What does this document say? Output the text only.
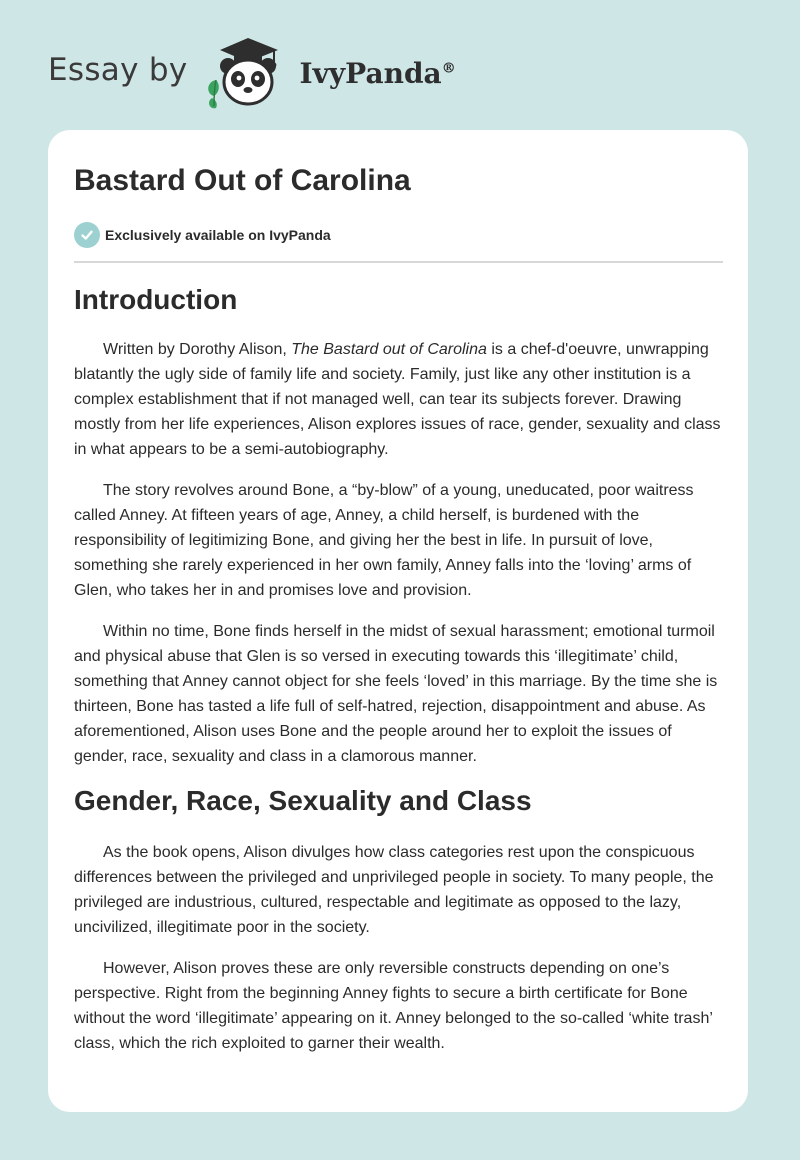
Essay by	IvyPanda®
Bastard Out of Carolina
Exclusively available on IvyPanda
Introduction

Written by Dorothy Alison, The Bastard out of Carolina is a chef-d'oeuvre, unwrapping blatantly the ugly side of family life and society. Family, just like any other institution is a complex establishment that if not managed well, can tear its subjects forever. Drawing mostly from her life experiences, Alison explores issues of race, gender, sexuality and class in what appears to be a semi-autobiography.

The story revolves around Bone, a “by-blow” of a young, uneducated, poor waitress called Anney. At fifteen years of age, Anney, a child herself, is burdened with the responsibility of legitimizing Bone, and giving her the best in life. In pursuit of love, something she rarely experienced in her own family, Anney falls into the ‘loving’ arms of Glen, who takes her in and promises love and provision.

Within no time, Bone finds herself in the midst of sexual harassment; emotional turmoil and physical abuse that Glen is so versed in executing towards this ‘illegitimate’ child, something that Anney cannot object for she feels ‘loved’ in this marriage. By the time she is thirteen, Bone has tasted a life full of self-hatred, rejection, disappointment and abuse. As aforementioned, Alison uses Bone and the people around her to exploit the issues of gender, race, sexuality and class in a clamorous manner.

Gender, Race, Sexuality and Class

As the book opens, Alison divulges how class categories rest upon the conspicuous differences between the privileged and unprivileged people in society. To many people, the privileged are industrious, cultured, respectable and legitimate as opposed to the lazy, uncivilized, illegitimate poor in the society.

However, Alison proves these are only reversible constructs depending on one’s perspective. Right from the beginning Anney fights to secure a birth certificate for Bone without the word ‘illegitimate’ appearing on it. Anney belonged to the so-called ‘white trash’ class, which the rich exploited to garner their wealth.
